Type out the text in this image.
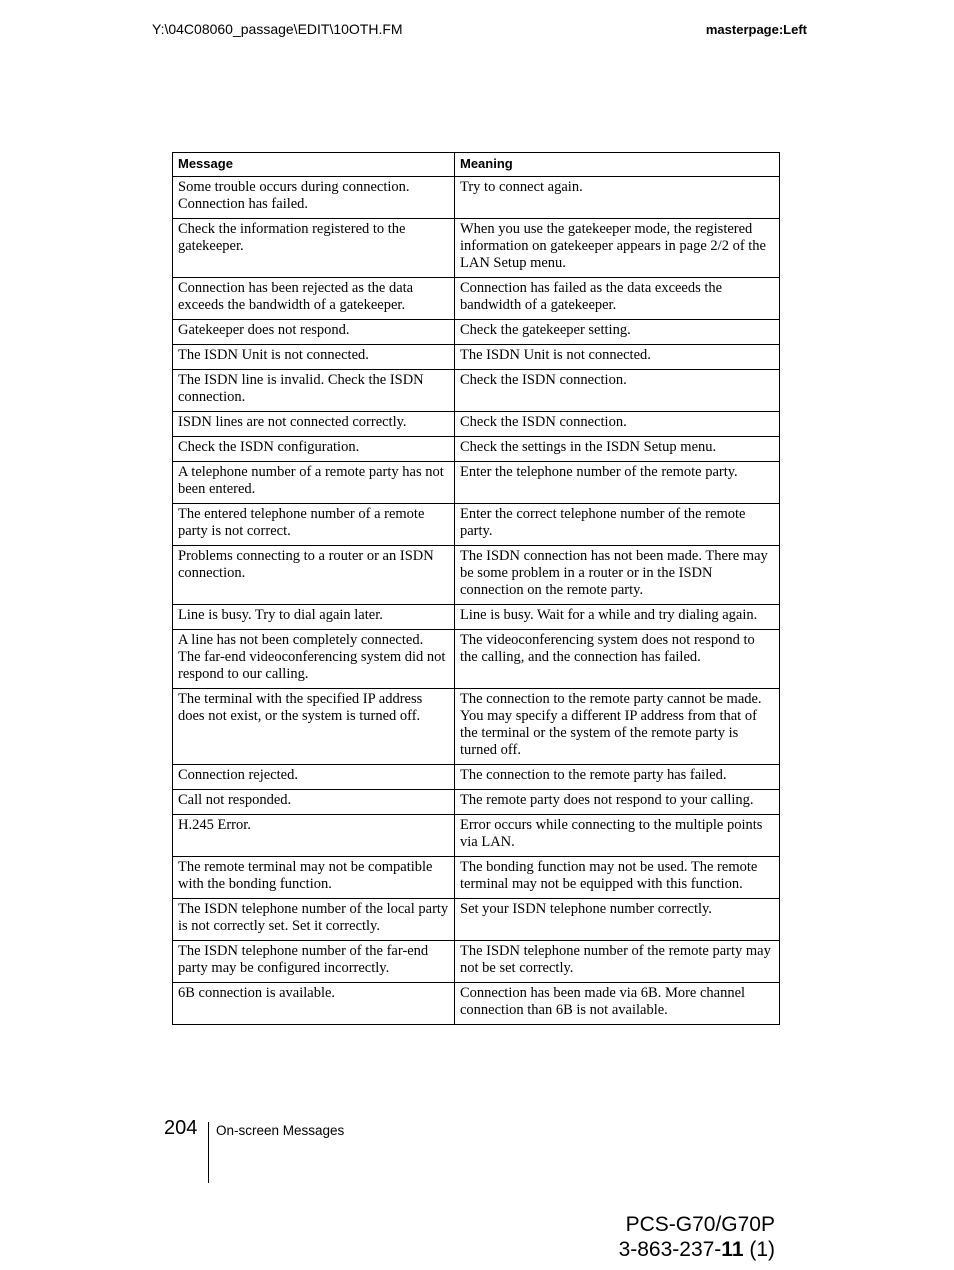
Y:\04C08060_passage\EDIT\10OTH.FM	masterpage:Left
Message	Meaning
Some trouble occurs during connection. Connection has failed.	Try to connect again.
Check the information registered to the gatekeeper.	When you use the gatekeeper mode, the registered information on gatekeeper appears in page 2/2 of the LAN Setup menu.
Connection has been rejected as the data exceeds the bandwidth of a gatekeeper.	Connection has failed as the data exceeds the bandwidth of a gatekeeper.
Gatekeeper does not respond.	Check the gatekeeper setting.
The ISDN Unit is not connected.	The ISDN Unit is not connected.
The ISDN line is invalid. Check the ISDN connection.	Check the ISDN connection.
ISDN lines are not connected correctly.	Check the ISDN connection.
Check the ISDN configuration.	Check the settings in the ISDN Setup menu.
A telephone number of a remote party has not been entered.	Enter the telephone number of the remote party.
The entered telephone number of a remote party is not correct.	Enter the correct telephone number of the remote party.
Problems connecting to a router or an ISDN connection.	The ISDN connection has not been made. There may be some problem in a router or in the ISDN connection on the remote party.
Line is busy. Try to dial again later.	Line is busy. Wait for a while and try dialing again.
A line has not been completely connected. The far-end videoconferencing system did not respond to our calling.	The videoconferencing system does not respond to the calling, and the connection has failed.
The terminal with the specified IP address does not exist, or the system is turned off.	The connection to the remote party cannot be made. You may specify a different IP address from that of the terminal or the system of the remote party is turned off.
Connection rejected.	The connection to the remote party has failed.
Call not responded.	The remote party does not respond to your calling.
H.245 Error.	Error occurs while connecting to the multiple points via LAN.
The remote terminal may not be compatible with the bonding function.	The bonding function may not be used. The remote terminal may not be equipped with this function.
The ISDN telephone number of the local party is not correctly set. Set it correctly.	Set your ISDN telephone number correctly.
The ISDN telephone number of the far-end party may be configured incorrectly.	The ISDN telephone number of the remote party may not be set correctly.
6B connection is available.	Connection has been made via 6B. More channel connection than 6B is not available.
204 On-screen Messages
PCS-G70/G70P
3-863-237-11 (1)
